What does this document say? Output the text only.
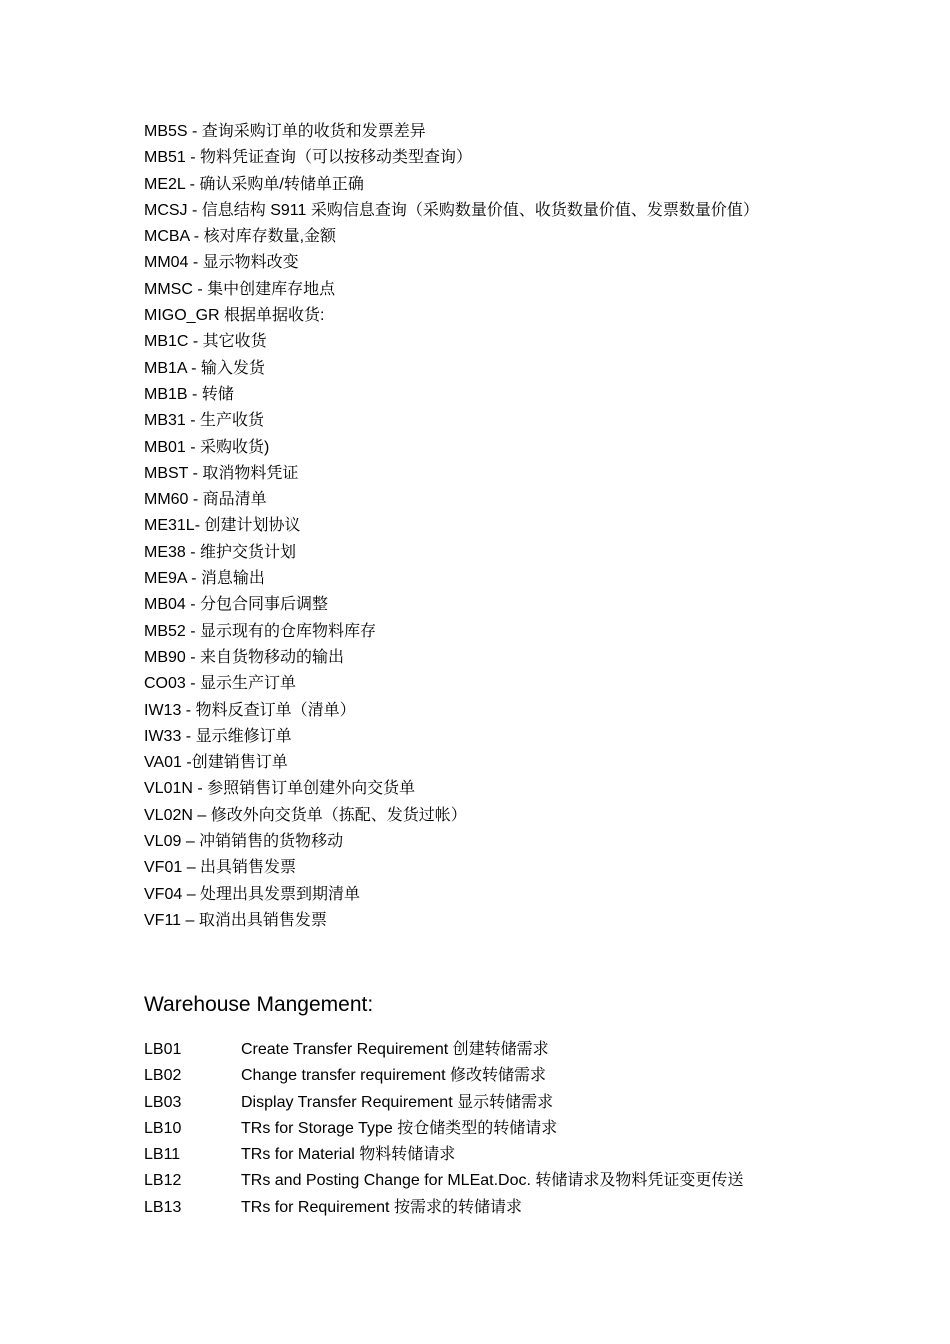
MB5S - 查询采购订单的收货和发票差异
MB51 - 物料凭证查询（可以按移动类型查询）
ME2L - 确认采购单/转储单正确
MCSJ - 信息结构 S911 采购信息查询（采购数量价值、收货数量价值、发票数量价值）
MCBA - 核对库存数量,金额
MM04 - 显示物料改变
MMSC - 集中创建库存地点
MIGO_GR 根据单据收货:
MB1C - 其它收货
MB1A - 输入发货
MB1B - 转储
MB31 - 生产收货
MB01 - 采购收货)
MBST - 取消物料凭证
MM60 - 商品清单
ME31L- 创建计划协议
ME38 - 维护交货计划
ME9A - 消息输出
MB04 - 分包合同事后调整
MB52 - 显示现有的仓库物料库存
MB90 - 来自货物移动的输出
CO03 - 显示生产订单
IW13 - 物料反查订单（清单）
IW33 - 显示维修订单
VA01 -创建销售订单
VL01N - 参照销售订单创建外向交货单
VL02N – 修改外向交货单（拣配、发货过帐）
VL09 – 冲销销售的货物移动
VF01 – 出具销售发票
VF04 – 处理出具发票到期清单
VF11 – 取消出具销售发票
Warehouse Mangement:
LB01	Create Transfer Requirement 创建转储需求
LB02	Change transfer requirement 修改转储需求
LB03	Display Transfer Requirement 显示转储需求
LB10	TRs for Storage Type 按仓储类型的转储请求
LB11	TRs for Material 物料转储请求
LB12	TRs and Posting Change for MLEat.Doc. 转储请求及物料凭证变更传送
LB13	TRs for Requirement 按需求的转储请求
